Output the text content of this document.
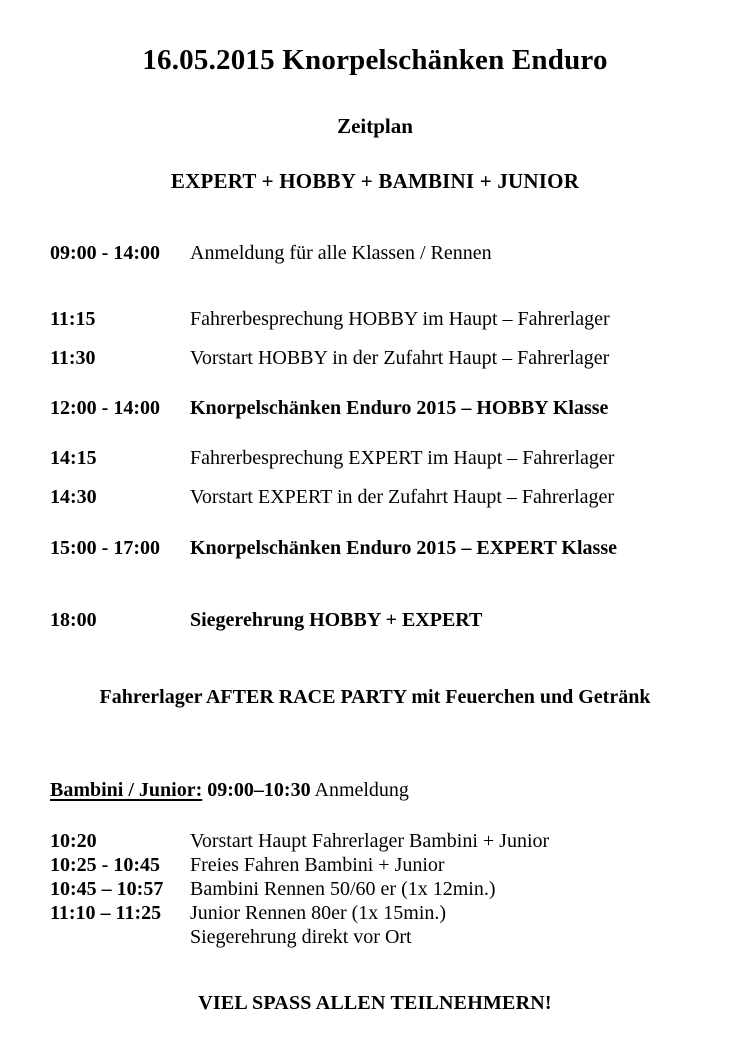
16.05.2015 Knorpelschänken Enduro
Zeitplan
EXPERT + HOBBY + BAMBINI + JUNIOR
09:00 - 14:00	Anmeldung für alle Klassen / Rennen
11:15	Fahrerbesprechung HOBBY im Haupt – Fahrerlager
11:30	Vorstart HOBBY in der Zufahrt Haupt – Fahrerlager
12:00 - 14:00	Knorpelschänken Enduro 2015 – HOBBY Klasse
14:15	Fahrerbesprechung EXPERT im Haupt – Fahrerlager
14:30	Vorstart EXPERT in der Zufahrt Haupt – Fahrerlager
15:00 - 17:00	Knorpelschänken Enduro 2015 – EXPERT Klasse
18:00	Siegerehrung HOBBY + EXPERT

Fahrerlager AFTER RACE PARTY mit Feuerchen und Getränk

Bambini / Junior: 09:00–10:30 Anmeldung

10:20	Vorstart Haupt Fahrerlager Bambini + Junior
10:25 - 10:45	Freies Fahren Bambini + Junior
10:45 – 10:57	Bambini Rennen 50/60 er (1x 12min.)
11:10 – 11:25	Junior Rennen 80er (1x 15min.)
Siegerehrung direkt vor Ort

VIEL SPASS ALLEN TEILNEHMERN!
